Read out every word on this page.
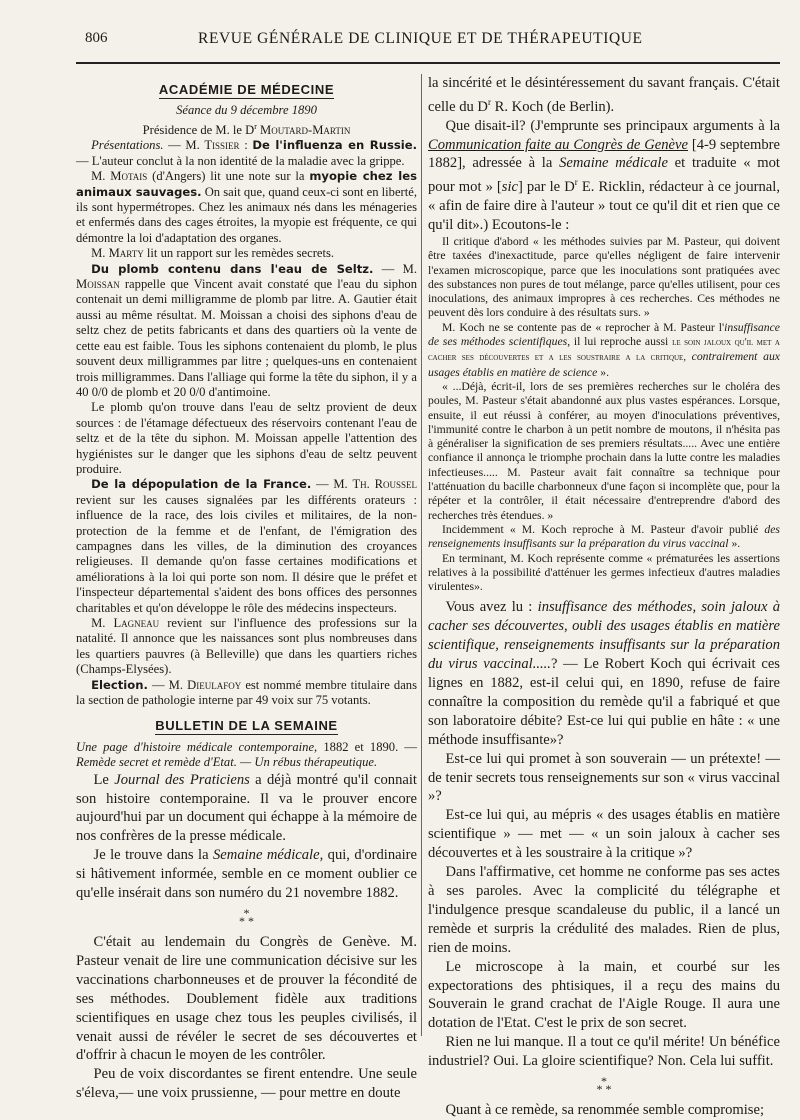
806	REVUE GÉNÉRALE DE CLINIQUE ET DE THÉRAPEUTIQUE
ACADÉMIE DE MÉDECINE

Séance du 9 décembre 1890

Présidence de M. le $D^r$ Moutard-Martin

Présentations. — M. Tissier : De l'influenza en Russie. — L'auteur conclut à la non identité de la maladie avec la grippe.

M. Motais (d'Angers) lit une note sur la myopie chez les animaux sauvages. On sait que, quand ceux-ci sont en liberté, ils sont hypermétropes. Chez les animaux nés dans les ménageries et enfermés dans des cages étroites, la myopie est fréquente, ce qui démontre la loi d'adaptation des organes.

M. Marty lit un rapport sur les remèdes secrets.

Du plomb contenu dans l'eau de Seltz. — M. Moissan rappelle que Vincent avait constaté que l'eau du siphon contenait un demi milligramme de plomb par litre. A. Gautier était aussi au même résultat. M. Moissan a choisi des siphons d'eau de seltz chez de petits fabricants et dans des quartiers où la vente de cette eau est faible. Tous les siphons contenaient du plomb, le plus souvent deux milligrammes par litre ; quelques-uns en contenaient trois milligrammes. Dans l'alliage qui forme la tête du siphon, il y a 40 0/0 de plomb et 20 0/0 d'antimoine.

Le plomb qu'on trouve dans l'eau de seltz provient de deux sources : de l'étamage défectueux des réservoirs contenant l'eau de seltz et de la tête du siphon. M. Moissan appelle l'attention des hygiénistes sur le danger que les siphons d'eau de seltz peuvent produire.

De la dépopulation de la France. — M. Th. Roussel revient sur les causes signalées par les différents orateurs : influence de la race, des lois civiles et militaires, de la non-protection de la femme et de l'enfant, de l'émigration des campagnes dans les villes, de la diminution des croyances religieuses. Il demande qu'on fasse certaines modifications et améliorations à la loi qui porte son nom. Il désire que le préfet et l'inspecteur départemental s'aident des bons offices des personnes charitables et qu'on développe le rôle des médecins inspecteurs.

M. Lagneau revient sur l'influence des professions sur la natalité. Il annonce que les naissances sont plus nombreuses dans les quartiers pauvres (à Belleville) que dans les quartiers riches (Champs-Elysées).

Election. — M. Dieulafoy est nommé membre titulaire dans la section de pathologie interne par 49 voix sur 75 votants.

BULLETIN DE LA SEMAINE

Une page d'histoire médicale contemporaine, 1882 et 1890. — Remède secret et remède d'Etat. — Un rébus thérapeutique.

Le Journal des Praticiens a déjà montré qu'il connait son histoire contemporaine. Il va le prouver encore aujourd'hui par un document qui échappe à la mémoire de nos confrères de la presse médicale.

Je le trouve dans la Semaine médicale, qui, d'ordinaire si hâtivement informée, semble en ce moment oublier ce qu'elle insérait dans son numéro du 21 novembre 1882.

*
* *

C'était au lendemain du Congrès de Genève. M. Pasteur venait de lire une communication décisive sur les vaccinations charbonneuses et de prouver la fécondité de ses méthodes. Doublement fidèle aux traditions scientifiques en usage chez tous les peuples civilisés, il venait aussi de révéler le secret de ses découvertes et d'offrir à chacun le moyen de les contrôler.

Peu de voix discordantes se firent entendre. Une seule s'éleva,— une voix prussienne, — pour mettre en doute

la sincérité et le désintéressement du savant français. C'était celle du $D^r$ R. Koch (de Berlin).

Que disait-il? (J'emprunte ses principaux arguments à la Communication faite au Congrès de Genève [4-9 septembre 1882], adressée à la Semaine médicale et traduite « mot pour mot » [sic] par le $D^r$ E. Ricklin, rédacteur à ce journal, « afin de faire dire à l'auteur » tout ce qu'il dit et rien que ce qu'il dit».) Ecoutons-le :

Il critique d'abord « les méthodes suivies par M. Pasteur, qui doivent être taxées d'inexactitude, parce qu'elles négligent de faire intervenir l'examen microscopique, parce que les inoculations sont pratiquées avec des substances non pures de tout mélange, parce qu'elles utilisent, pour ces inoculations, des animaux impropres à ces recherches. Ces méthodes ne peuvent dès lors conduire à des résultats surs. »

M. Koch ne se contente pas de « reprocher à M. Pasteur l'insuffisance de ses méthodes scientifiques, il lui reproche aussi le soin jaloux qu'il met a cacher ses découvertes et a les soustraire a la critique, contrairement aux usages établis en matière de science ».

« ...Déjà, écrit-il, lors de ses premières recherches sur le choléra des poules, M. Pasteur s'était abandonné aux plus vastes espérances. Lorsque, ensuite, il eut réussi à conférer, au moyen d'inoculations préventives, l'immunité contre le charbon à un petit nombre de moutons, il n'hésita pas à généraliser la signification de ses premiers résultats..... Avec une entière confiance il annonça le triomphe prochain dans la lutte contre les maladies infectieuses..... M. Pasteur avait fait connaître sa technique pour l'atténuation du bacille charbonneux d'une façon si incomplète que, pour la répéter et la contrôler, il était nécessaire d'entreprendre d'abord des recherches très étendues. »

Incidemment « M. Koch reproche à M. Pasteur d'avoir publié des renseignements insuffisants sur la préparation du virus vaccinal ».

En terminant, M. Koch représente comme « prématurées les assertions relatives à la possibilité d'atténuer les germes infectieux d'autres maladies virulentes».

Vous avez lu : insuffisance des méthodes, soin jaloux à cacher ses découvertes, oubli des usages établis en matière scientifique, renseignements insuffisants sur la préparation du virus vaccinal.....? — Le Robert Koch qui écrivait ces lignes en 1882, est-il celui qui, en 1890, refuse de faire connaître la composition du remède qu'il a fabriqué et que son laboratoire débite? Est-ce lui qui publie en hâte : « une méthode insuffisante»?

Est-ce lui qui promet à son souverain — un prétexte! — de tenir secrets tous renseignements sur son « virus vaccinal »?

Est-ce lui qui, au mépris « des usages établis en matière scientifique » — met — « un soin jaloux à cacher ses découvertes et à les soustraire à la critique »?

Dans l'affirmative, cet homme ne conforme pas ses actes à ses paroles. Avec la complicité du télégraphe et l'indulgence presque scandaleuse du public, il a lancé un remède et surpris la crédulité des malades. Rien de plus, rien de moins.

Le microscope à la main, et courbé sur les expectorations des phtisiques, il a reçu des mains du Souverain le grand crachat de l'Aigle Rouge. Il aura une dotation de l'Etat. C'est le prix de son secret.

Rien ne lui manque. Il a tout ce qu'il mérite! Un bénéfice industriel? Oui. La gloire scientifique? Non. Cela lui suffit.

*
* *

Quant à ce remède, sa renommée semble compromise;
